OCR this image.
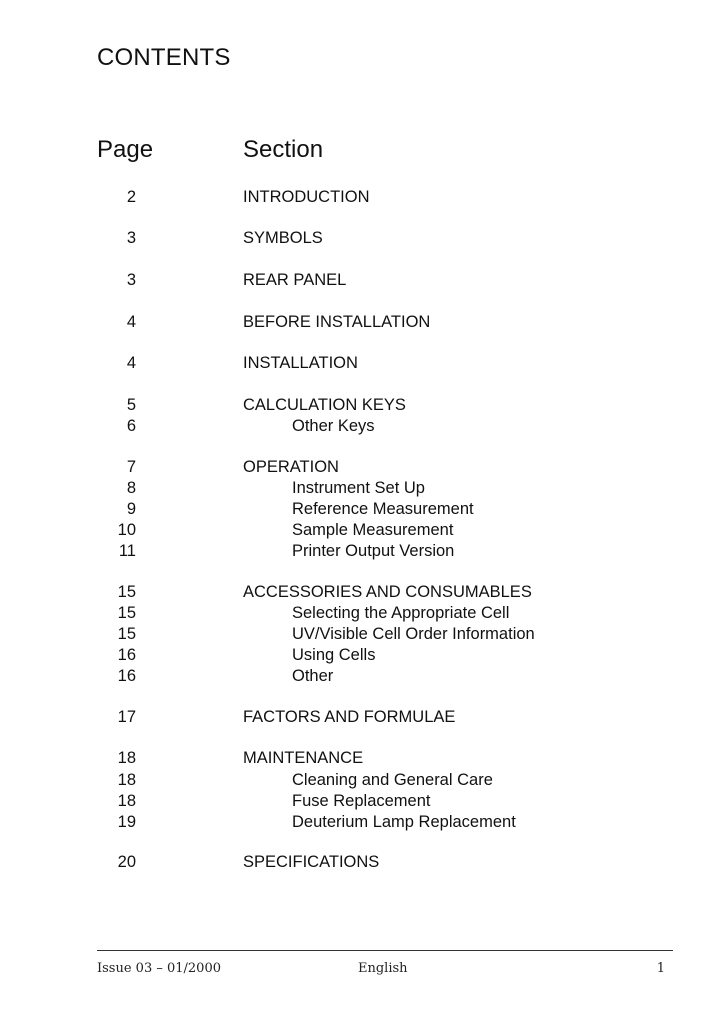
CONTENTS
Page	Section
2	INTRODUCTION
3	SYMBOLS
3	REAR PANEL
4	BEFORE INSTALLATION
4	INSTALLATION
5	CALCULATION KEYS
6	Other Keys
7	OPERATION
8	Instrument Set Up
9	Reference Measurement
10	Sample Measurement
11	Printer Output Version
15	ACCESSORIES AND CONSUMABLES
15	Selecting the Appropriate Cell
15	UV/Visible Cell Order Information
16	Using Cells
16	Other
17	FACTORS AND FORMULAE
18	MAINTENANCE
18	Cleaning and General Care
18	Fuse Replacement
19	Deuterium Lamp Replacement
20	SPECIFICATIONS
Issue 03 – 01/2000	English	1
